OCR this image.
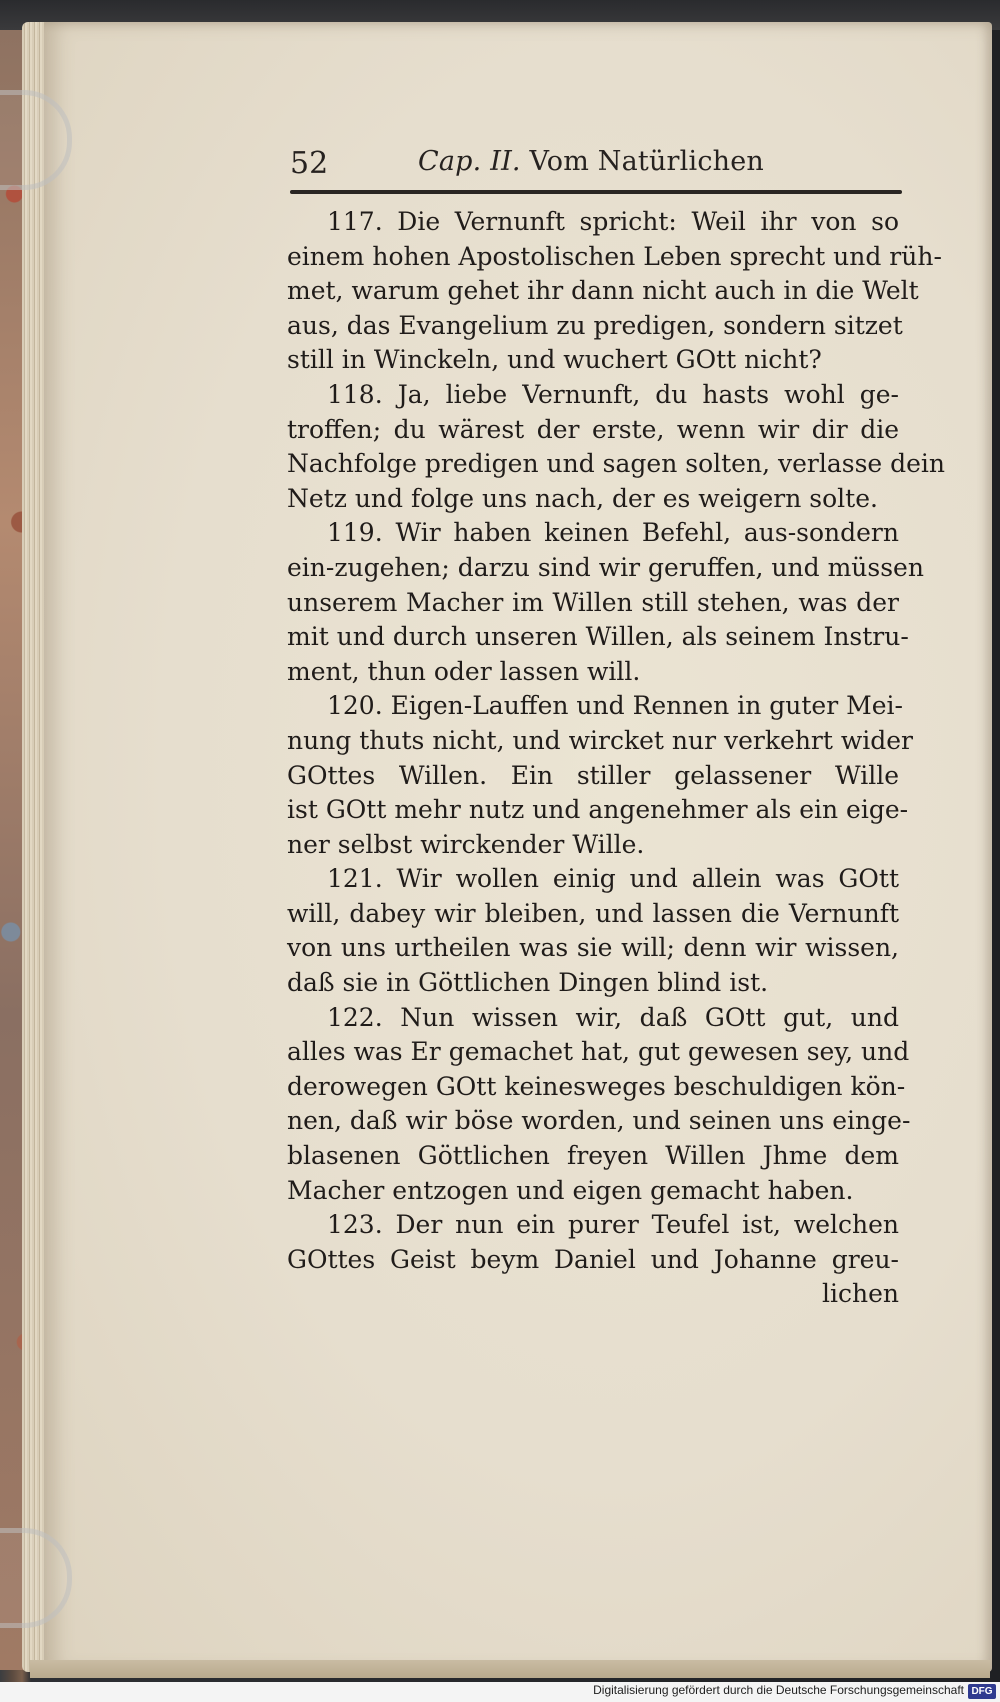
52	Cap. II. Vom Natürlichen
117. Die Vernunft spricht: Weil ihr von so
einem hohen Apostolischen Leben sprecht und rüh-
met, warum gehet ihr dann nicht auch in die Welt
aus, das Evangelium zu predigen, sondern sitzet
still in Winckeln, und wuchert GOtt nicht?
118. Ja, liebe Vernunft, du hasts wohl ge-
troffen; du wärest der erste, wenn wir dir die
Nachfolge predigen und sagen solten, verlasse dein
Netz und folge uns nach, der es weigern solte.
119. Wir haben keinen Befehl, aus-sondern
ein-zugehen; darzu sind wir geruffen, und müssen
unserem Macher im Willen still stehen, was der
mit und durch unseren Willen, als seinem Instru-
ment, thun oder lassen will.
120. Eigen-Lauffen und Rennen in guter Mei-
nung thuts nicht, und wircket nur verkehrt wider
GOttes Willen. Ein stiller gelassener Wille
ist GOtt mehr nutz und angenehmer als ein eige-
ner selbst wirckender Wille.
121. Wir wollen einig und allein was GOtt
will, dabey wir bleiben, und lassen die Vernunft
von uns urtheilen was sie will; denn wir wissen,
daß sie in Göttlichen Dingen blind ist.
122. Nun wissen wir, daß GOtt gut, und
alles was Er gemachet hat, gut gewesen sey, und
derowegen GOtt keinesweges beschuldigen kön-
nen, daß wir böse worden, und seinen uns einge-
blasenen Göttlichen freyen Willen Jhme dem
Macher entzogen und eigen gemacht haben.
123. Der nun ein purer Teufel ist, welchen
GOttes Geist beym Daniel und Johanne greu-
lichen
Digitalisierung gefördert durch die Deutsche Forschungsgemeinschaft DFG
